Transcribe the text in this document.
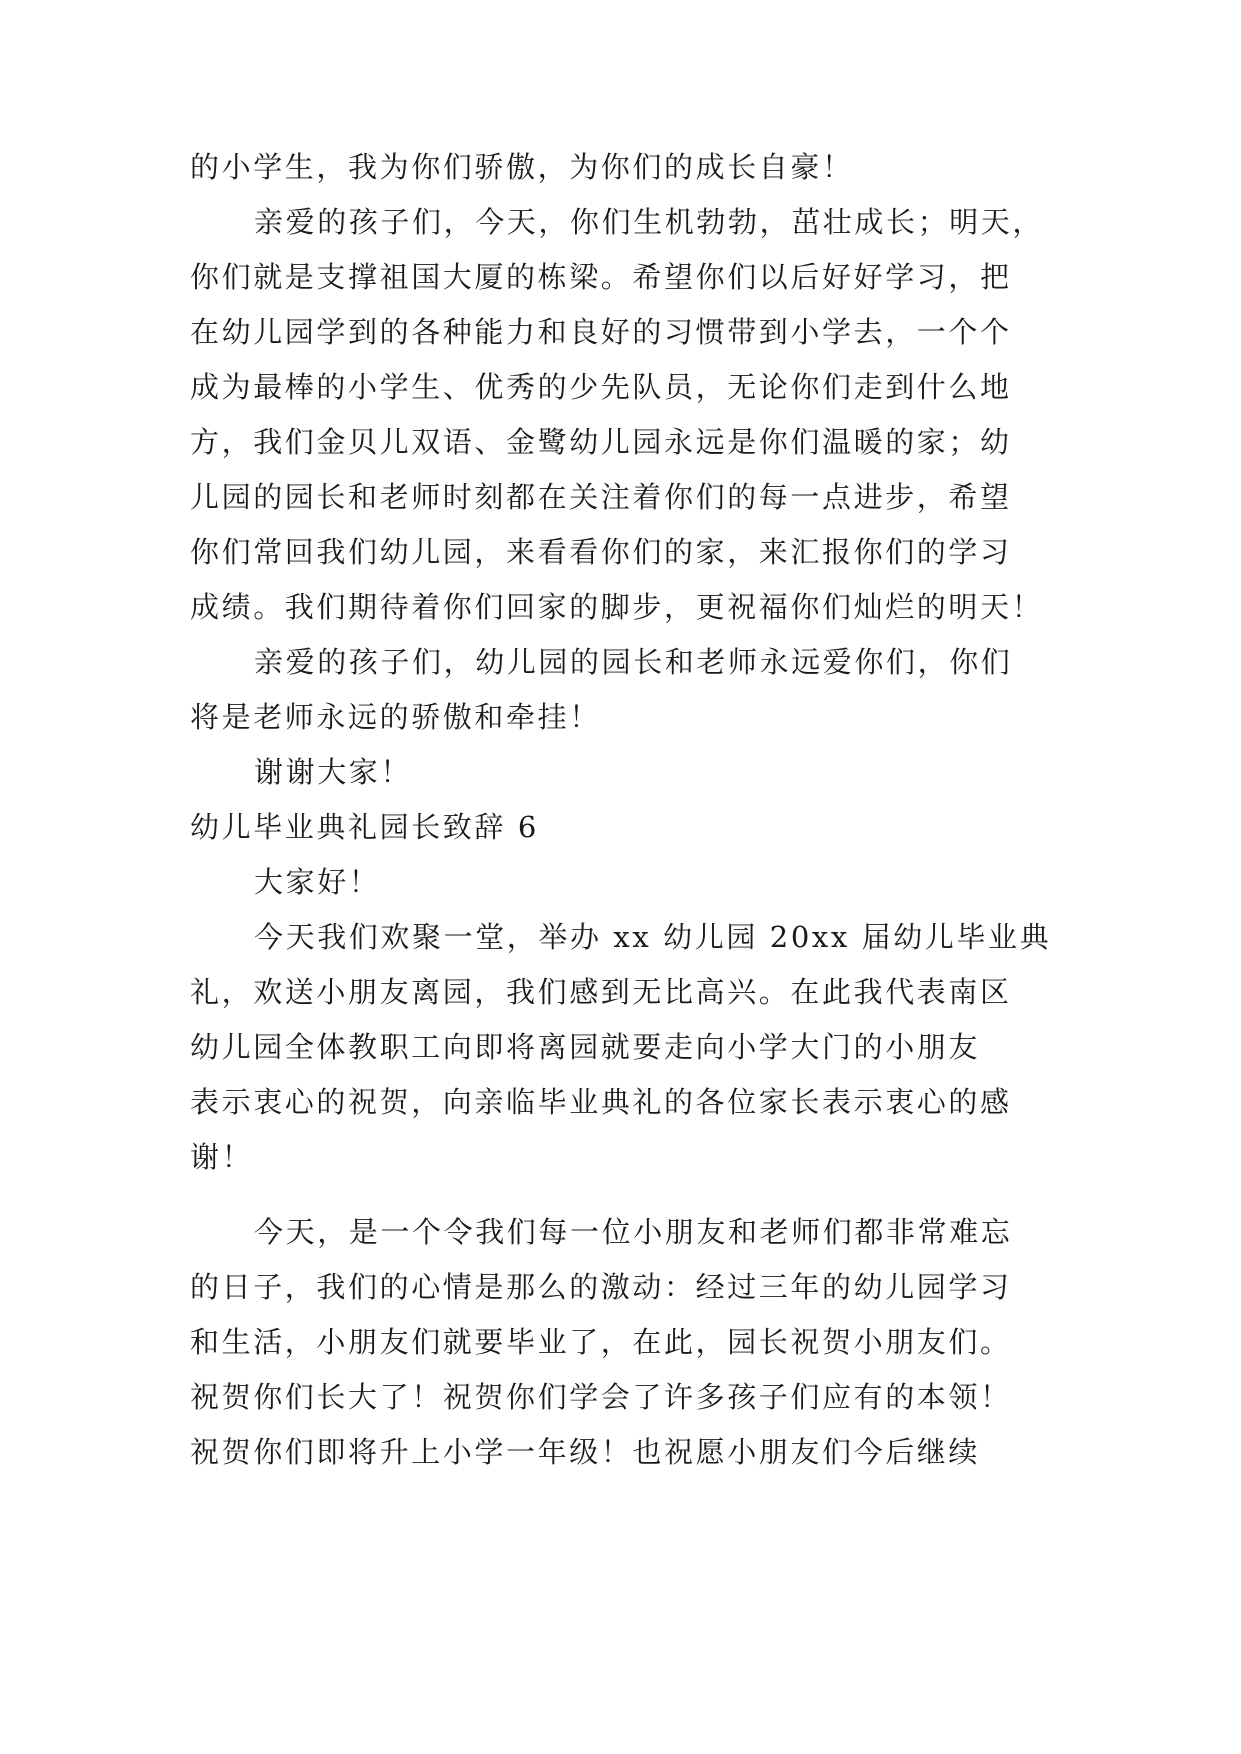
的小学生，我为你们骄傲，为你们的成长自豪！
亲爱的孩子们，今天，你们生机勃勃，茁壮成长；明天，
你们就是支撑祖国大厦的栋梁。希望你们以后好好学习，把
在幼儿园学到的各种能力和良好的习惯带到小学去，一个个
成为最棒的小学生、优秀的少先队员，无论你们走到什么地
方，我们金贝儿双语、金鹭幼儿园永远是你们温暖的家；幼
儿园的园长和老师时刻都在关注着你们的每一点进步，希望
你们常回我们幼儿园，来看看你们的家，来汇报你们的学习
成绩。我们期待着你们回家的脚步，更祝福你们灿烂的明天！
亲爱的孩子们，幼儿园的园长和老师永远爱你们，你们
将是老师永远的骄傲和牵挂！
谢谢大家！
幼儿毕业典礼园长致辞 6
大家好！
今天我们欢聚一堂，举办 xx 幼儿园 20xx 届幼儿毕业典
礼，欢送小朋友离园，我们感到无比高兴。在此我代表南区
幼儿园全体教职工向即将离园就要走向小学大门的小朋友
表示衷心的祝贺，向亲临毕业典礼的各位家长表示衷心的感
谢！
今天，是一个令我们每一位小朋友和老师们都非常难忘
的日子，我们的心情是那么的激动：经过三年的幼儿园学习
和生活，小朋友们就要毕业了，在此，园长祝贺小朋友们。
祝贺你们长大了！祝贺你们学会了许多孩子们应有的本领！
祝贺你们即将升上小学一年级！也祝愿小朋友们今后继续
